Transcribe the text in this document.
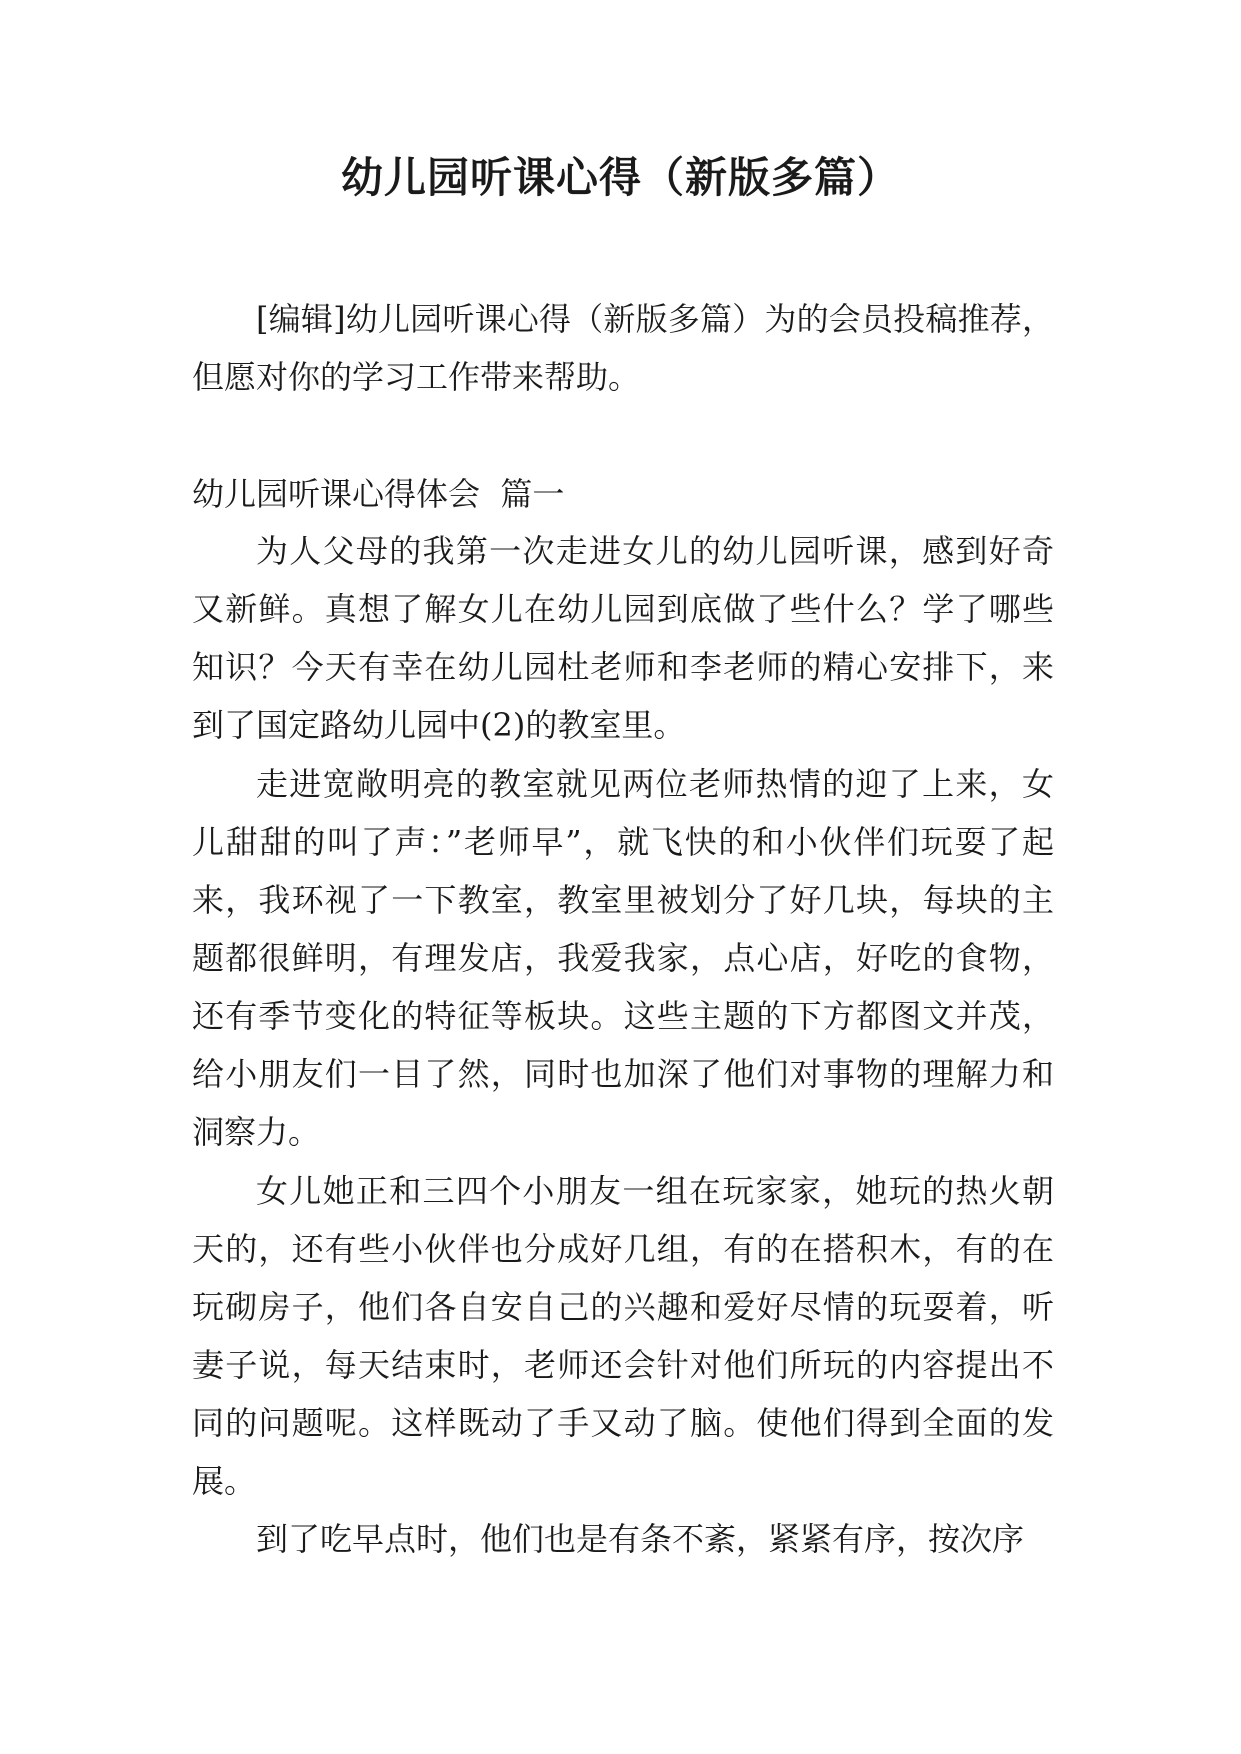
幼儿园听课心得（新版多篇）

[编辑]幼儿园听课心得（新版多篇）为的会员投稿推荐，但愿对你的学习工作带来帮助。

幼儿园听课心得体会  篇一

为人父母的我第一次走进女儿的幼儿园听课，感到好奇又新鲜。真想了解女儿在幼儿园到底做了些什么？学了哪些知识？今天有幸在幼儿园杜老师和李老师的精心安排下，来到了国定路幼儿园中(2)的教室里。

走进宽敞明亮的教室就见两位老师热情的迎了上来，女儿甜甜的叫了声：”老师早”，就飞快的和小伙伴们玩耍了起来，我环视了一下教室，教室里被划分了好几块，每块的主题都很鲜明，有理发店，我爱我家，点心店，好吃的食物，还有季节变化的特征等板块。这些主题的下方都图文并茂，给小朋友们一目了然，同时也加深了他们对事物的理解力和洞察力。

女儿她正和三四个小朋友一组在玩家家，她玩的热火朝天的，还有些小伙伴也分成好几组，有的在搭积木，有的在玩砌房子，他们各自安自己的兴趣和爱好尽情的玩耍着，听妻子说，每天结束时，老师还会针对他们所玩的内容提出不同的问题呢。这样既动了手又动了脑。使他们得到全面的发展。

到了吃早点时，他们也是有条不紊，紧紧有序，按次序
